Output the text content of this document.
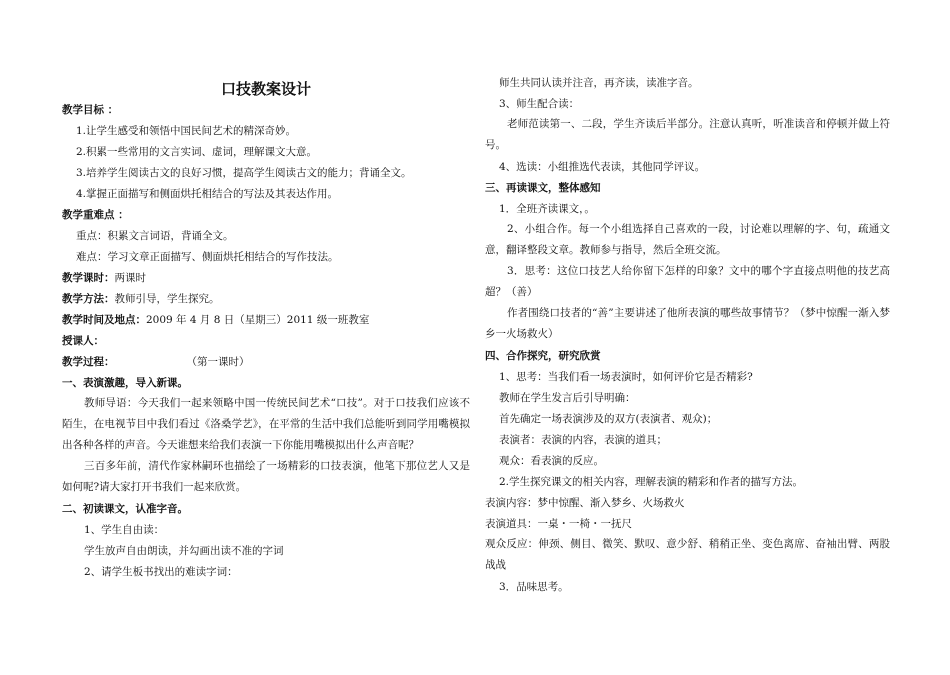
口技教案设计
教学目标 ：
1.让学生感受和领悟中国民间艺术的精深奇妙。
2.积累一些常用的文言实词、虚词，理解课文大意。
3.培养学生阅读古文的良好习惯，提高学生阅读古文的能力；背诵全文。
4.掌握正面描写和侧面烘托相结合的写法及其表达作用。
教学重难点 ：
重点：积累文言词语，背诵全文。
难点：学习文章正面描写、侧面烘托相结合的写作技法。
教学课时：两课时
教学方法：教师引导，学生探究。
教学时间及地点：2009 年 4 月 8 日（星期三）2011 级一班教室
授课人：
教学过程：	（第一课时）
一、表演激趣，导入新课。
教师导语：今天我们一起来领略中国一传统民间艺术“口技”。对于口技我们应该不陌生，在电视节目中我们看过《洛桑学艺》，在平常的生活中我们总能听到同学用嘴模拟出各种各样的声音。今天谁想来给我们表演一下你能用嘴模拟出什么声音呢？
三百多年前，清代作家林嗣环也描绘了一场精彩的口技表演，他笔下那位艺人又是如何呢?请大家打开书我们一起来欣赏。
二、初读课文，认准字音。
1、学生自由读：
学生放声自由朗读，并勾画出读不准的字词
2、请学生板书找出的难读字词：
师生共同认读并注音，再齐读，读准字音。
3、师生配合读：
老师范读第一、二段，学生齐读后半部分。注意认真听，听准读音和停顿并做上符号。
4、选读：小组推选代表读，其他同学评议。
三、再读课文，整体感知
1．全班齐读课文，。
2、小组合作。每一个小组选择自己喜欢的一段，讨论难以理解的字、句，疏通文意，翻译整段文章。教师参与指导，然后全班交流。
3．思考：这位口技艺人给你留下怎样的印象？文中的哪个字直接点明他的技艺高超？（善）
作者围绕口技者的“善”主要讲述了他所表演的哪些故事情节？（梦中惊醒一渐入梦乡一火场救火）
四、合作探究，研究欣赏
1、思考：当我们看一场表演时，如何评价它是否精彩?
教师在学生发言后引导明确：
首先确定一场表演涉及的双方(表演者、观众)；
表演者：表演的内容，表演的道具；
观众：看表演的反应。
2.学生探究课文的相关内容，理解表演的精彩和作者的描写方法。
表演内容：梦中惊醒、渐入梦乡、火场救火
表演道具：一桌・一椅・一抚尺
观众反应：伸颈、侧目、微笑、默叹、意少舒、稍稍正坐、变色离席、奋袖出臂、两股战战
3．品味思考。
